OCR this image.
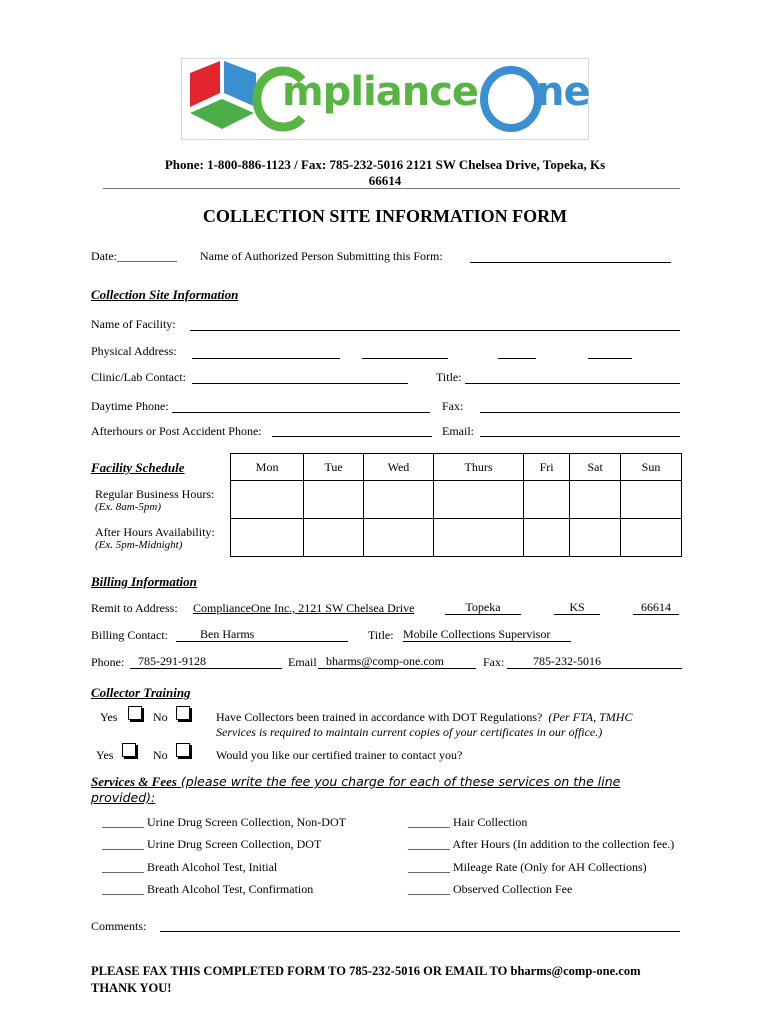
mpliance ne
Phone: 1-800-886-1123 / Fax: 785-232-5016 2121 SW Chelsea Drive, Topeka, Ks
66614
COLLECTION SITE INFORMATION FORM
Date:__________ Name of Authorized Person Submitting this Form:
Collection Site Information
Name of Facility:
Physical Address:
Clinic/Lab Contact:	Title:
Daytime Phone:	Fax:
Afterhours or Post Accident Phone:	Email:
Facility Schedule	Mon	Tue	Wed	Thurs	Fri	Sat	Sun

Regular Business Hours:
(Ex. 8am-5pm)
After Hours Availability:
(Ex. 5pm-Midnight)
Billing Information
Remit to Address: ComplianceOne Inc., 2121 SW Chelsea Drive	Topeka	KS	66614
Billing Contact:	Ben Harms	Title: Mobile Collections Supervisor
Phone:	785-291-9128	Email bharms@comp-one.com	Fax:	785-232-5016
Collector Training
Yes	No	Have Collectors been trained in accordance with DOT Regulations? (Per FTA, TMHC
Services is required to maintain current copies of your certificates in our office.)
Yes	No	Would you like our certified trainer to contact you?
Services & Fees (please write the fee you charge for each of these services on the line
provided):
_______ Urine Drug Screen Collection, Non-DOT
_______ Urine Drug Screen Collection, DOT
_______ Breath Alcohol Test, Initial
_______ Breath Alcohol Test, Confirmation
_______ Hair Collection
_______ After Hours (In addition to the collection fee.)
_______ Mileage Rate (Only for AH Collections)
_______ Observed Collection Fee
Comments:
PLEASE FAX THIS COMPLETED FORM TO 785-232-5016 OR EMAIL TO bharms@comp-one.com
THANK YOU!
